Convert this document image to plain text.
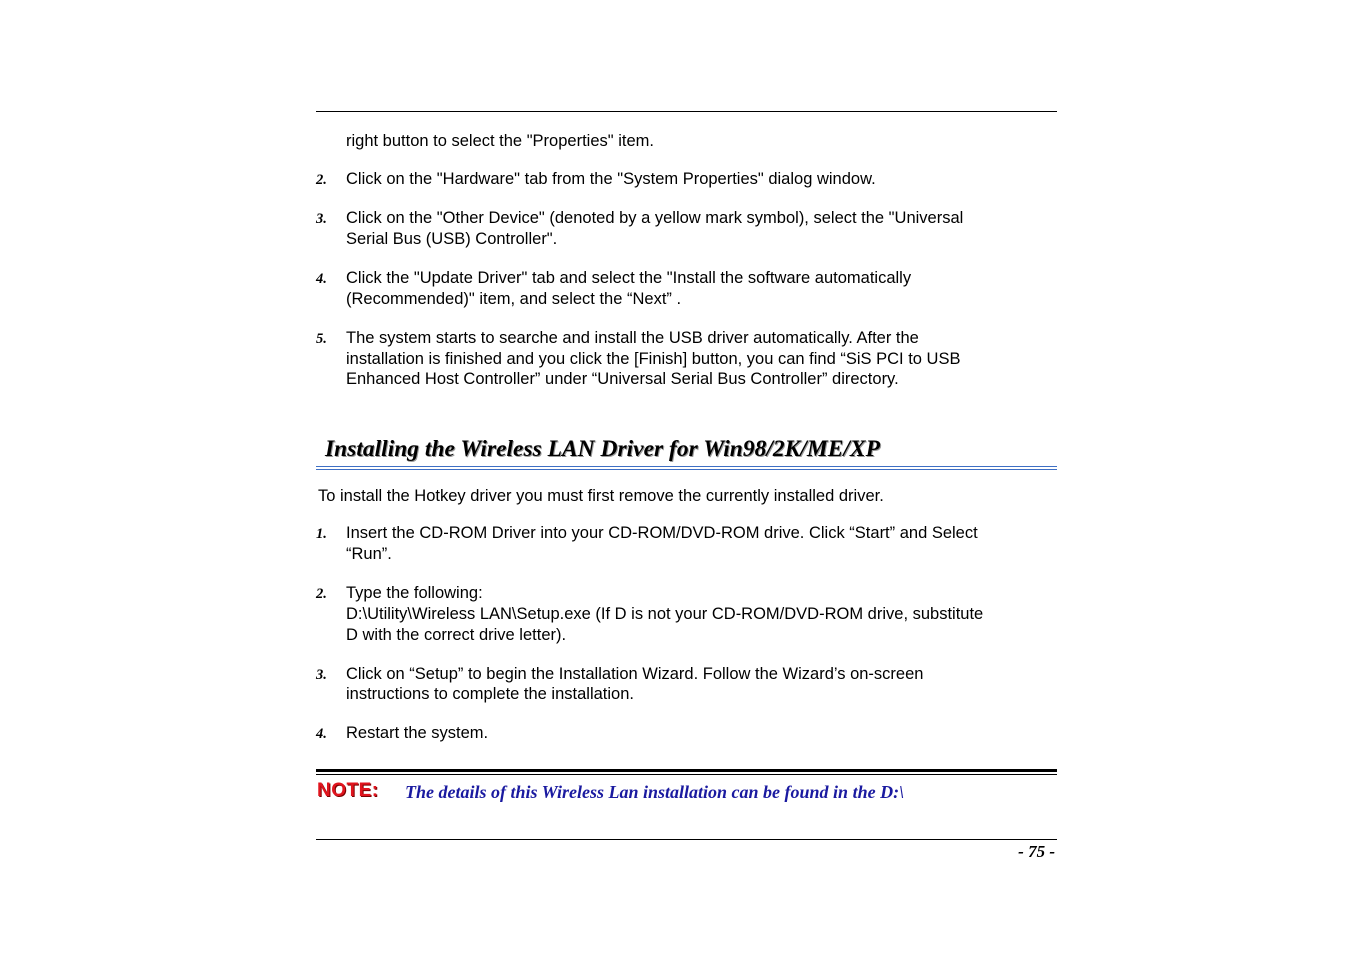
right button to select the "Properties" item.
2. Click on the "Hardware" tab from the "System Properties" dialog window.
3. Click on the "Other Device" (denoted by a yellow mark symbol), select the "Universal
Serial Bus (USB) Controller".
4. Click the "Update Driver" tab and select the "Install the software automatically
(Recommended)" item, and select the “Next” .
5. The system starts to searche and install the USB driver automatically. After the
installation is finished and you click the [Finish] button, you can find “SiS PCI to USB
Enhanced Host Controller” under “Universal Serial Bus Controller” directory.
Installing the Wireless LAN Driver for Win98/2K/ME/XP
To install the Hotkey driver you must first remove the currently installed driver.
1. Insert the CD-ROM Driver into your CD-ROM/DVD-ROM drive. Click “Start” and Select
“Run”.
2. Type the following:
D:\Utility\Wireless LAN\Setup.exe (If D is not your CD-ROM/DVD-ROM drive, substitute
D with the correct drive letter).
3. Click on “Setup” to begin the Installation Wizard. Follow the Wizard’s on-screen
instructions to complete the installation.
4. Restart the system.
NOTE: The details of this Wireless Lan installation can be found in the D:\
- 75 -
